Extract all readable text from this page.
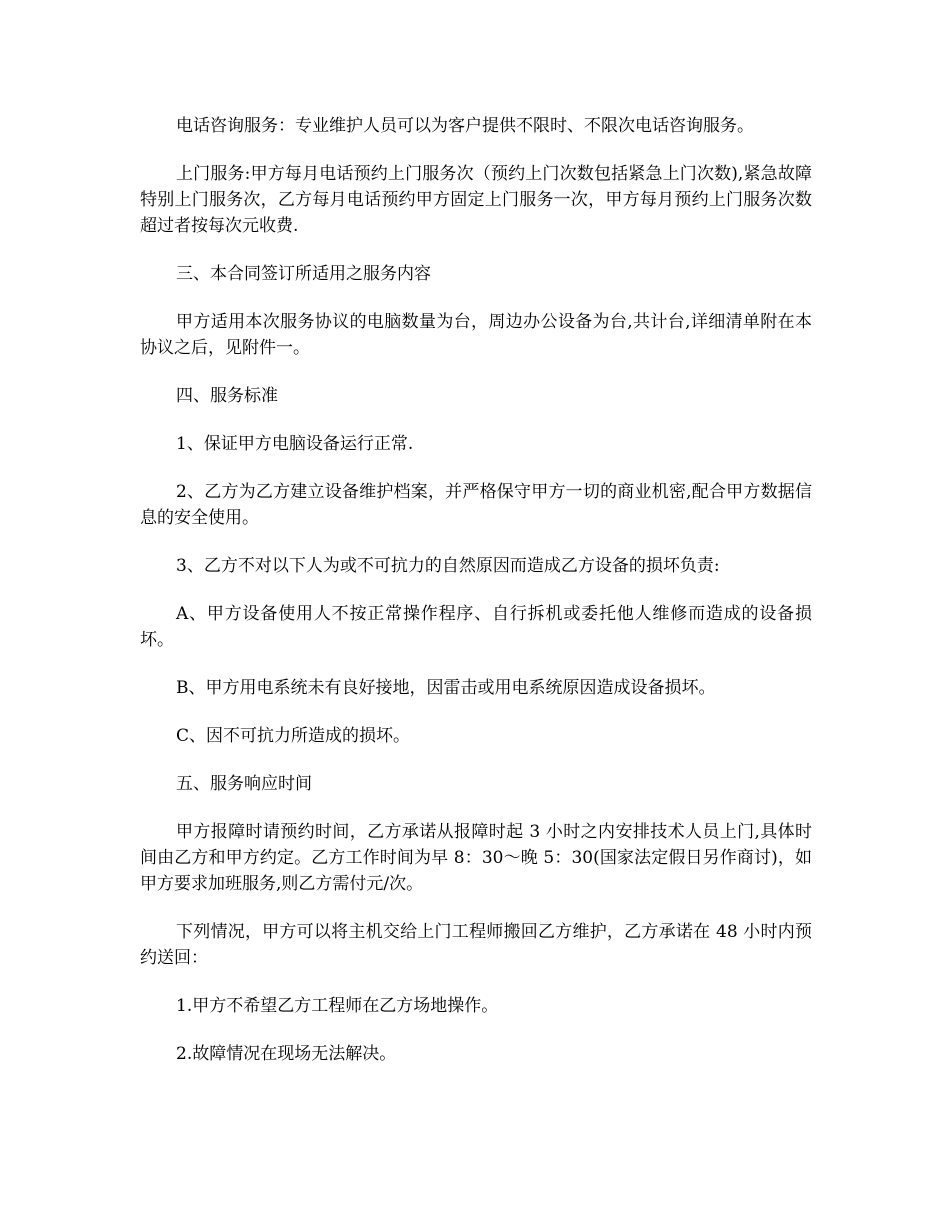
电话咨询服务：专业维护人员可以为客户提供不限时、不限次电话咨询服务。

上门服务:甲方每月电话预约上门服务次（预约上门次数包括紧急上门次数),紧急故障特别上门服务次，乙方每月电话预约甲方固定上门服务一次，甲方每月预约上门服务次数超过者按每次元收费.

三、本合同签订所适用之服务内容

甲方适用本次服务协议的电脑数量为台，周边办公设备为台,共计台,详细清单附在本协议之后，见附件一。

四、服务标准

1、保证甲方电脑设备运行正常.

2、乙方为乙方建立设备维护档案，并严格保守甲方一切的商业机密,配合甲方数据信息的安全使用。

3、乙方不对以下人为或不可抗力的自然原因而造成乙方设备的损坏负责:

A、甲方设备使用人不按正常操作程序、自行拆机或委托他人维修而造成的设备损坏。

B、甲方用电系统未有良好接地，因雷击或用电系统原因造成设备损坏。

C、因不可抗力所造成的损坏。

五、服务响应时间

甲方报障时请预约时间，乙方承诺从报障时起 3 小时之内安排技术人员上门,具体时间由乙方和甲方约定。乙方工作时间为早 8：30～晚 5：30(国家法定假日另作商讨)，如甲方要求加班服务,则乙方需付元/次。

下列情况，甲方可以将主机交给上门工程师搬回乙方维护，乙方承诺在 48 小时内预约送回：

1.甲方不希望乙方工程师在乙方场地操作。

2.故障情况在现场无法解决。
